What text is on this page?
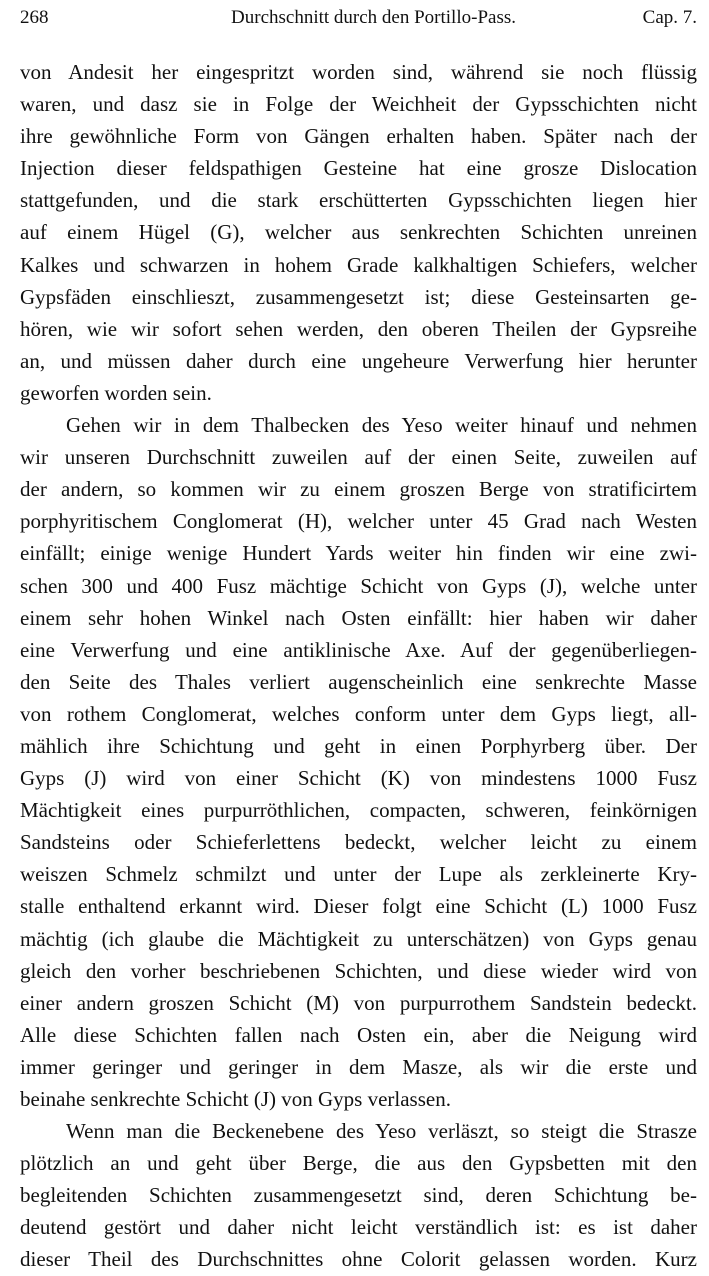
268	Durchschnitt durch den Portillo-Pass.	Cap. 7.
von Andesit her eingespritzt worden sind, während sie noch flüssig
waren, und dasz sie in Folge der Weichheit der Gypsschichten nicht
ihre gewöhnliche Form von Gängen erhalten haben. Später nach der
Injection dieser feldspathigen Gesteine hat eine grosze Dislocation
stattgefunden, und die stark erschütterten Gypsschichten liegen hier
auf einem Hügel (G), welcher aus senkrechten Schichten unreinen
Kalkes und schwarzen in hohem Grade kalkhaltigen Schiefers, welcher
Gypsfäden einschlieszt, zusammengesetzt ist; diese Gesteinsarten ge-
hören, wie wir sofort sehen werden, den oberen Theilen der Gypsreihe
an, und müssen daher durch eine ungeheure Verwerfung hier herunter
geworfen worden sein.
Gehen wir in dem Thalbecken des Yeso weiter hinauf und nehmen
wir unseren Durchschnitt zuweilen auf der einen Seite, zuweilen auf
der andern, so kommen wir zu einem groszen Berge von stratificirtem
porphyritischem Conglomerat (H), welcher unter 45 Grad nach Westen
einfällt; einige wenige Hundert Yards weiter hin finden wir eine zwi-
schen 300 und 400 Fusz mächtige Schicht von Gyps (J), welche unter
einem sehr hohen Winkel nach Osten einfällt: hier haben wir daher
eine Verwerfung und eine antiklinische Axe. Auf der gegenüberliegen-
den Seite des Thales verliert augenscheinlich eine senkrechte Masse
von rothem Conglomerat, welches conform unter dem Gyps liegt, all-
mählich ihre Schichtung und geht in einen Porphyrberg über. Der
Gyps (J) wird von einer Schicht (K) von mindestens 1000 Fusz
Mächtigkeit eines purpurröthlichen, compacten, schweren, feinkörnigen
Sandsteins oder Schieferlettens bedeckt, welcher leicht zu einem
weiszen Schmelz schmilzt und unter der Lupe als zerkleinerte Kry-
stalle enthaltend erkannt wird. Dieser folgt eine Schicht (L) 1000 Fusz
mächtig (ich glaube die Mächtigkeit zu unterschätzen) von Gyps genau
gleich den vorher beschriebenen Schichten, und diese wieder wird von
einer andern groszen Schicht (M) von purpurrothem Sandstein bedeckt.
Alle diese Schichten fallen nach Osten ein, aber die Neigung wird
immer geringer und geringer in dem Masze, als wir die erste und
beinahe senkrechte Schicht (J) von Gyps verlassen.
Wenn man die Beckenebene des Yeso verläszt, so steigt die Strasze
plötzlich an und geht über Berge, die aus den Gypsbetten mit den
begleitenden Schichten zusammengesetzt sind, deren Schichtung be-
deutend gestört und daher nicht leicht verständlich ist: es ist daher
dieser Theil des Durchschnittes ohne Colorit gelassen worden. Kurz
